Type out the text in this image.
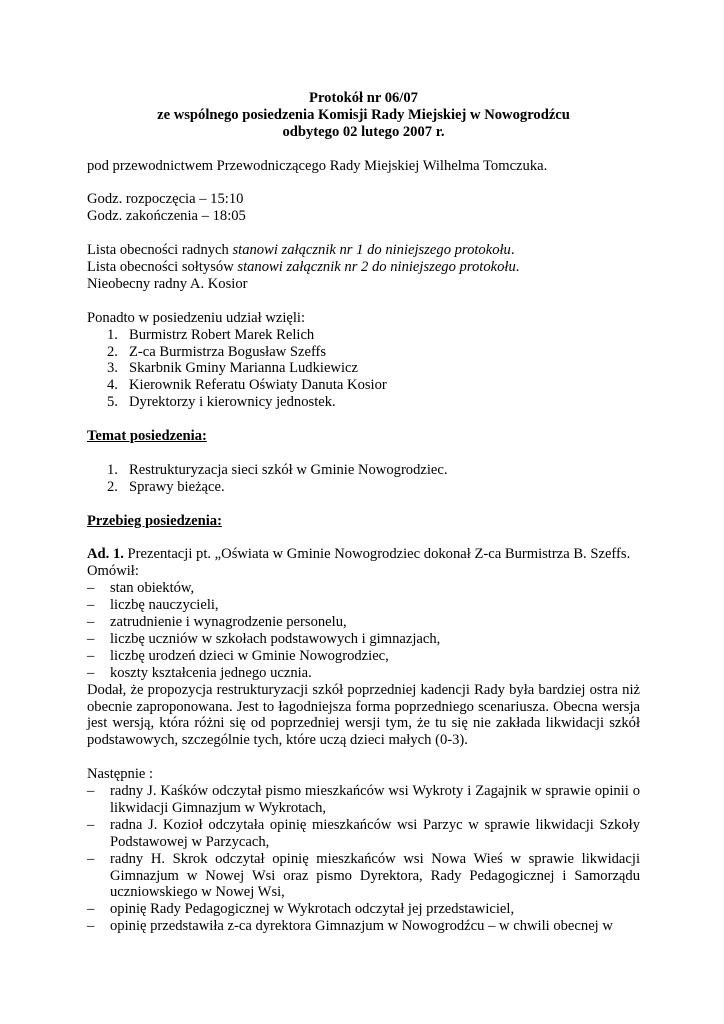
Protokół nr 06/07
ze wspólnego posiedzenia Komisji Rady Miejskiej w Nowogrodźcu
odbytego 02 lutego 2007 r.

pod przewodnictwem Przewodniczącego Rady Miejskiej Wilhelma Tomczuka.

Godz. rozpoczęcia – 15:10

Godz. zakończenia – 18:05

Lista obecności radnych stanowi załącznik nr 1 do niniejszego protokołu.

Lista obecności sołtysów stanowi załącznik nr 2 do niniejszego protokołu.

Nieobecny radny A. Kosior

Ponadto w posiedzeniu udział wzięli:

1. Burmistrz Robert Marek Relich
2. Z-ca Burmistrza Bogusław Szeffs
3. Skarbnik Gminy Marianna Ludkiewicz
4. Kierownik Referatu Oświaty Danuta Kosior
5. Dyrektorzy i kierownicy jednostek.

Temat posiedzenia:

1. Restrukturyzacja sieci szkół w Gminie Nowogrodziec.
2. Sprawy bieżące.

Przebieg posiedzenia:

Ad. 1. Prezentacji pt. „Oświata w Gminie Nowogrodziec dokonał Z-ca Burmistrza B. Szeffs.

Omówił:

– stan obiektów,
– liczbę nauczycieli,
– zatrudnienie i wynagrodzenie personelu,
– liczbę uczniów w szkołach podstawowych i gimnazjach,
– liczbę urodzeń dzieci w Gminie Nowogrodziec,
– koszty kształcenia jednego ucznia.

Dodał, że propozycja restrukturyzacji szkół poprzedniej kadencji Rady była bardziej ostra niż obecnie zaproponowana. Jest to łagodniejsza forma poprzedniego scenariusza. Obecna wersja jest wersją, która różni się od poprzedniej wersji tym, że tu się nie zakłada likwidacji szkół podstawowych, szczególnie tych, które uczą dzieci małych (0-3).

Następnie :

– radny J. Kaśków odczytał pismo mieszkańców wsi Wykroty i Zagajnik w sprawie opinii o likwidacji Gimnazjum w Wykrotach,
– radna J. Kozioł odczytała opinię mieszkańców wsi Parzyc w sprawie likwidacji Szkoły Podstawowej w Parzycach,
– radny H. Skrok odczytał opinię mieszkańców wsi Nowa Wieś w sprawie likwidacji Gimnazjum w Nowej Wsi oraz pismo Dyrektora, Rady Pedagogicznej i Samorządu uczniowskiego w Nowej Wsi,
– opinię Rady Pedagogicznej w Wykrotach odczytał jej przedstawiciel,
– opinię przedstawiła z-ca dyrektora Gimnazjum w Nowogrodźcu – w chwili obecnej w
